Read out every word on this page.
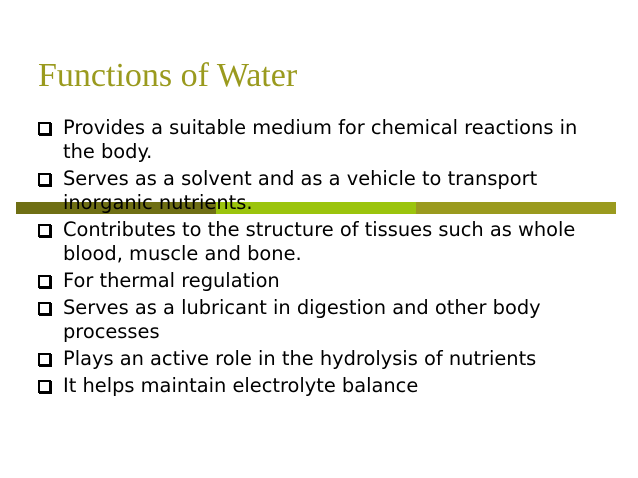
Functions of Water
Provides a suitable medium for chemical reactions in the body.
Serves as a solvent and as a vehicle to transport inorganic nutrients.
Contributes to the structure of tissues such as whole blood, muscle and bone.
For thermal regulation
Serves as a lubricant in digestion and other body processes
Plays an active role in the hydrolysis of nutrients
It helps maintain electrolyte balance
